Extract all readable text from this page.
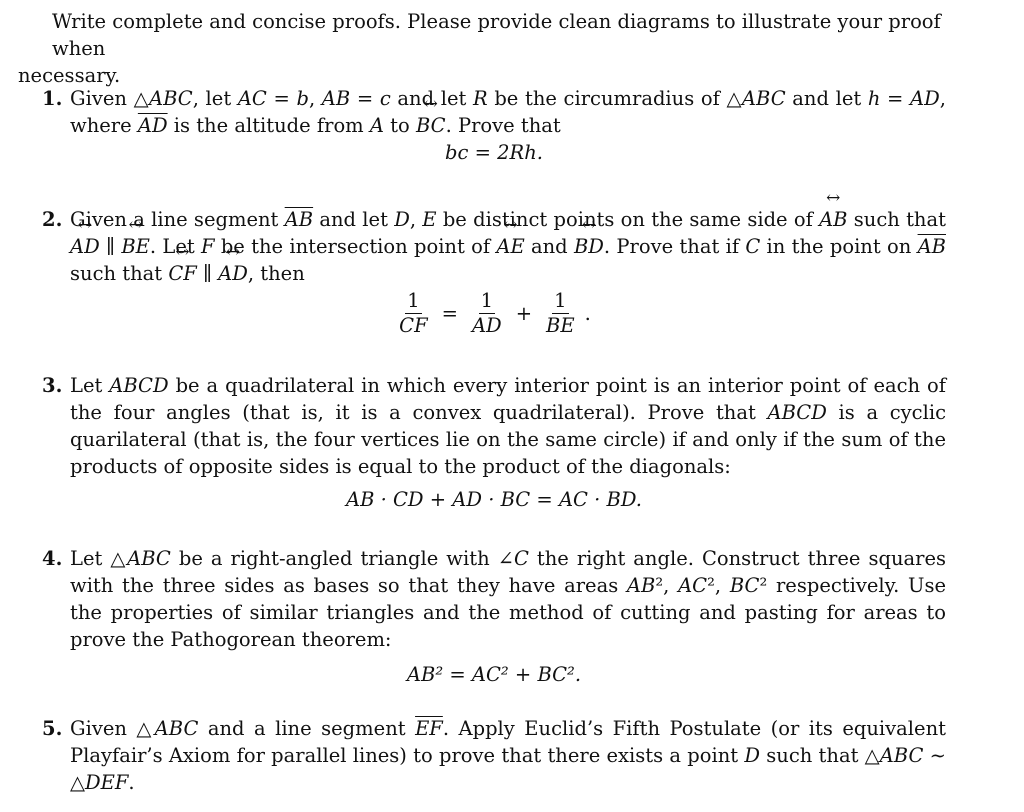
Write complete and concise proofs. Please provide clean diagrams to illustrate your proof when
necessary.
1. Given △ABC, let AC = b, AB = c and let R be the circumradius of △ABC and let h = AD, where $\overline{AD}$ is the altitude from A to ↔ BC. Prove that
bc = 2Rh.
2. Given a line segment $\overline{AB}$ and let D, E be distinct points on the same side of ↔ AB such that ↔ AD ∥ ↔ BE. Let F be the intersection point of ↔ AE and ↔ BD. Prove that if C in the point on $\overline{AB}$ such that ↔ CF ∥ ↔ AD, then
$\frac{1}{CF} = \frac{1}{AD} + \frac{1}{BE}$ .
3. Let ABCD be a quadrilateral in which every interior point is an interior point of each of the four angles (that is, it is a convex quadrilateral). Prove that ABCD is a cyclic quarilateral (that is, the four vertices lie on the same circle) if and only if the sum of the products of opposite sides is equal to the product of the diagonals:
AB · CD + AD · BC = AC · BD.
4. Let △ABC be a right-angled triangle with ∠C the right angle. Construct three squares with the three sides as bases so that they have areas AB², AC², BC² respectively. Use the properties of similar triangles and the method of cutting and pasting for areas to prove the Pathogorean theorem:
AB² = AC² + BC².
5. Given △ABC and a line segment $\overline{EF}$. Apply Euclid’s Fifth Postulate (or its equivalent Playfair’s Axiom for parallel lines) to prove that there exists a point D such that △ABC ∼ △DEF.
